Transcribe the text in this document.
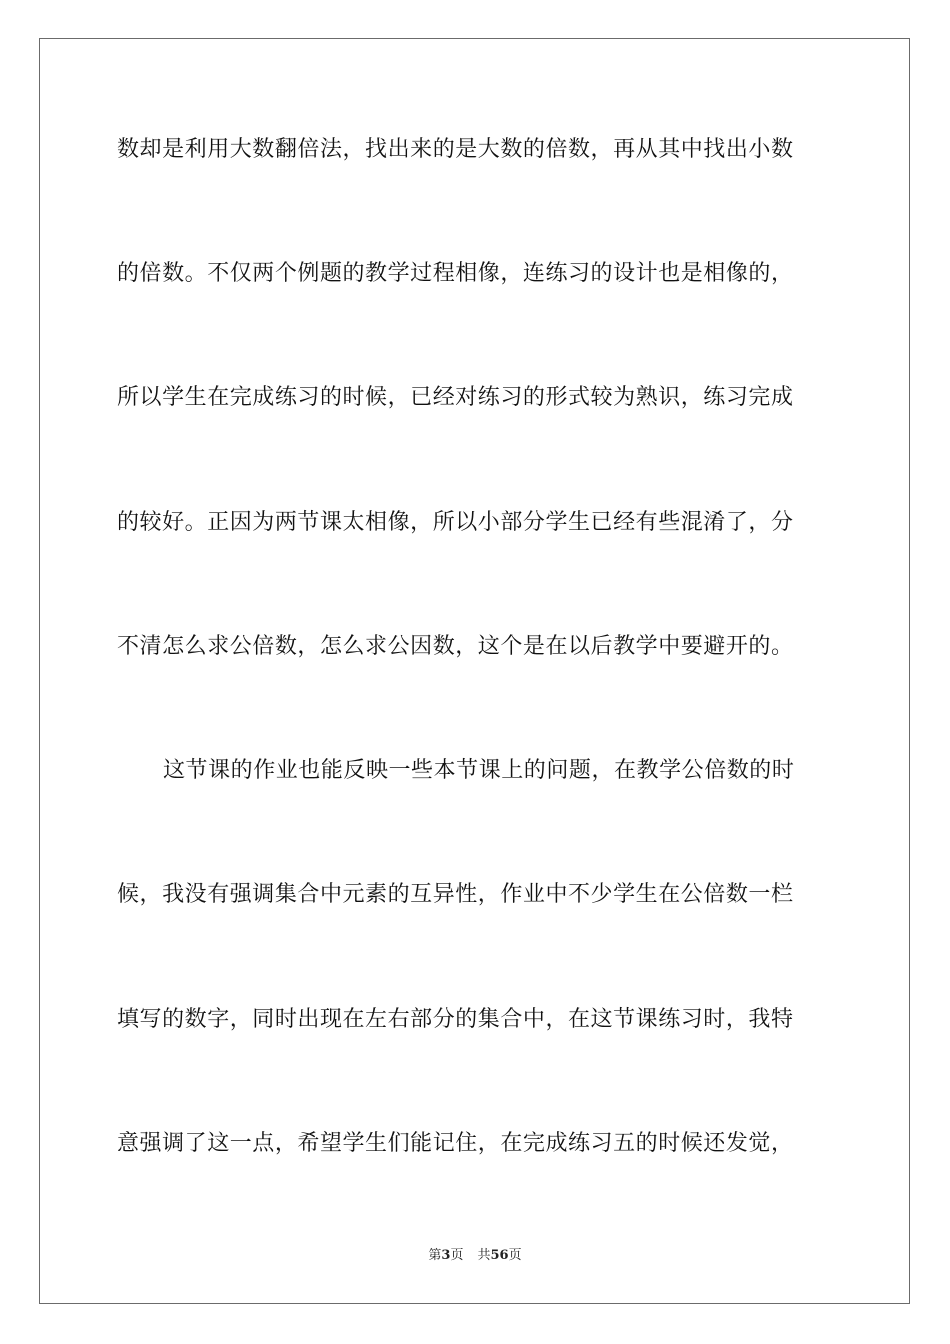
数却是利用大数翻倍法，找出来的是大数的倍数，再从其中找出小数
的倍数。不仅两个例题的教学过程相像，连练习的设计也是相像的，
所以学生在完成练习的时候，已经对练习的形式较为熟识，练习完成
的较好。正因为两节课太相像，所以小部分学生已经有些混淆了，分
不清怎么求公倍数，怎么求公因数，这个是在以后教学中要避开的。
这节课的作业也能反映一些本节课上的问题，在教学公倍数的时
候，我没有强调集合中元素的互异性，作业中不少学生在公倍数一栏
填写的数字，同时出现在左右部分的集合中，在这节课练习时，我特
意强调了这一点，希望学生们能记住，在完成练习五的时候还发觉，
第3页 共56页
